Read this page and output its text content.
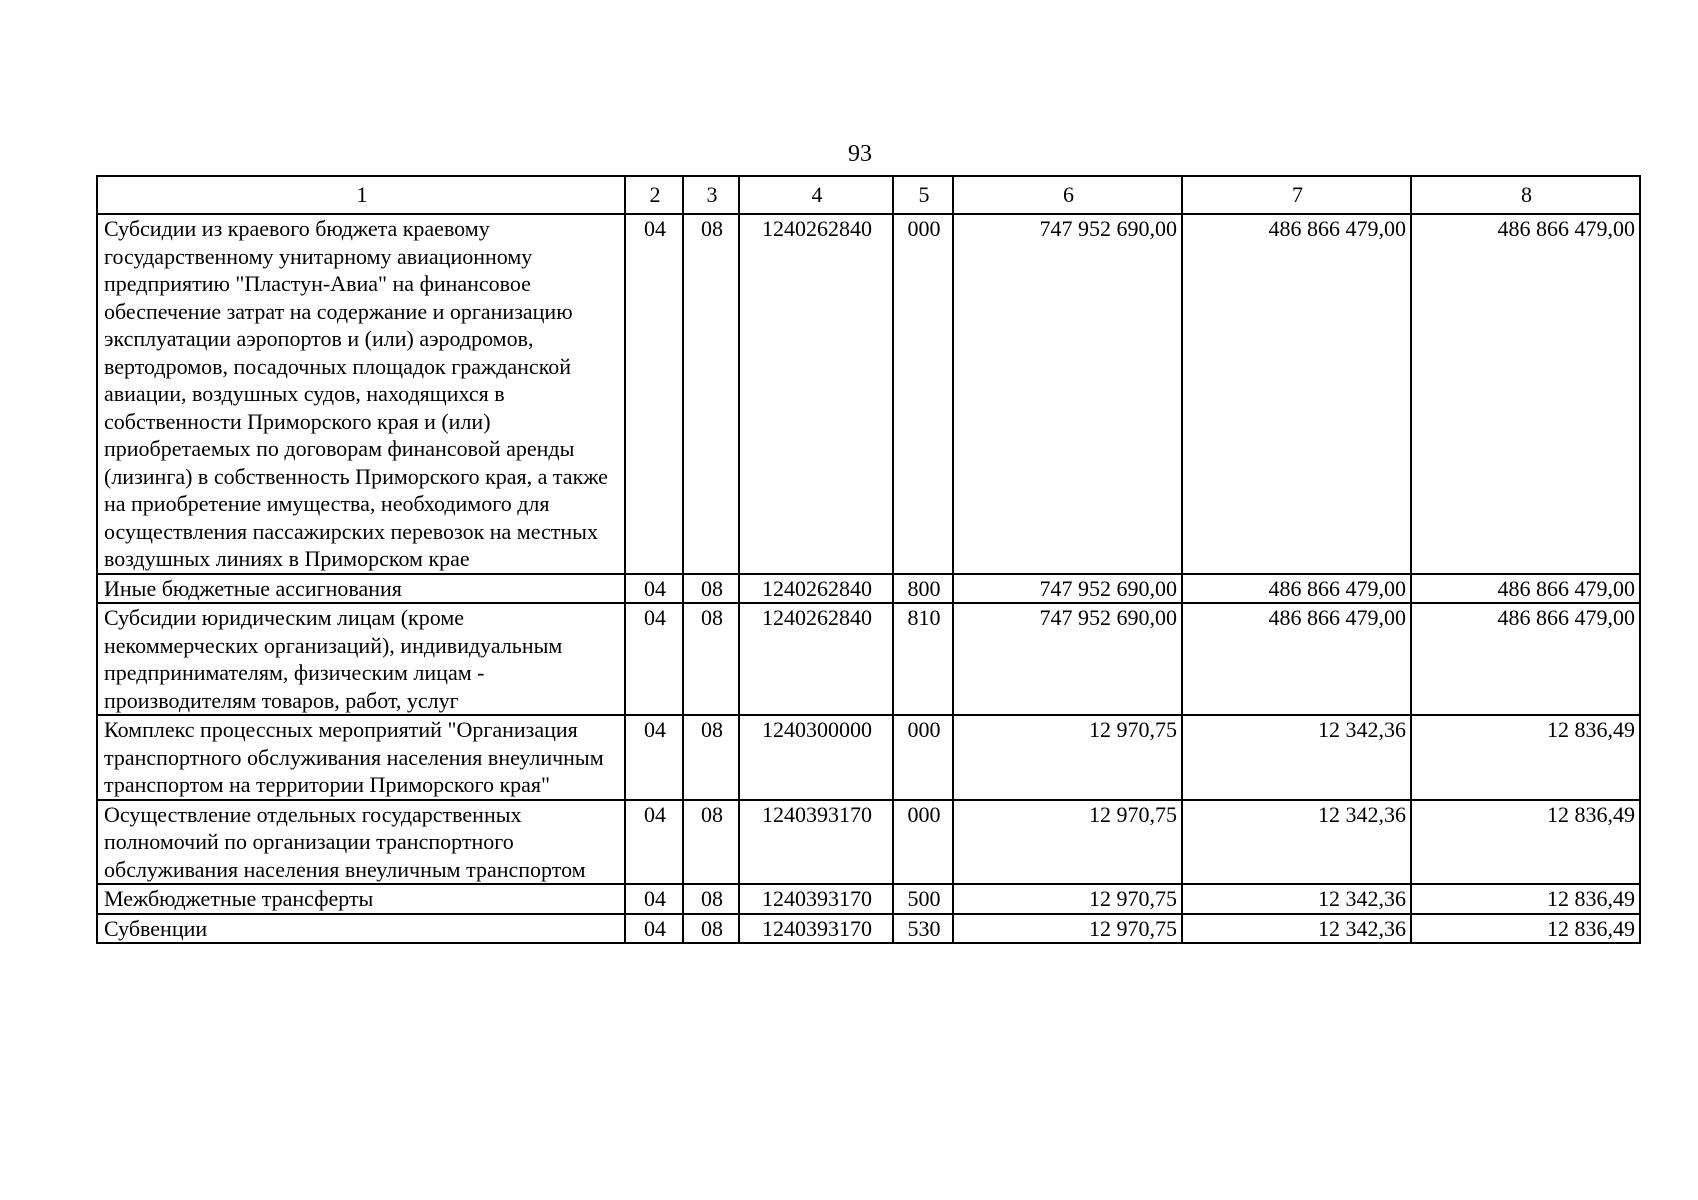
93
1	2	3	4	5	6	7	8
Субсидии из краевого бюджета краевому государственному унитарному авиационному предприятию "Пластун-Авиа" на финансовое обеспечение затрат на содержание и организацию эксплуатации аэропортов и (или) аэродромов, вертодромов, посадочных площадок гражданской авиации, воздушных судов, находящихся в собственности Приморского края и (или) приобретаемых по договорам финансовой аренды (лизинга) в собственность Приморского края, а также на приобретение имущества, необходимого для осуществления пассажирских перевозок на местных воздушных линиях в Приморском крае	04	08	1240262840	000	747 952 690,00	486 866 479,00	486 866 479,00
Иные бюджетные ассигнования	04	08	1240262840	800	747 952 690,00	486 866 479,00	486 866 479,00
Субсидии юридическим лицам (кроме некоммерческих организаций), индивидуальным предпринимателям, физическим лицам - производителям товаров, работ, услуг	04	08	1240262840	810	747 952 690,00	486 866 479,00	486 866 479,00
Комплекс процессных мероприятий "Организация транспортного обслуживания населения внеуличным транспортом на территории Приморского края"	04	08	1240300000	000	12 970,75	12 342,36	12 836,49
Осуществление отдельных государственных полномочий по организации транспортного обслуживания населения внеуличным транспортом	04	08	1240393170	000	12 970,75	12 342,36	12 836,49
Межбюджетные трансферты	04	08	1240393170	500	12 970,75	12 342,36	12 836,49
Субвенции	04	08	1240393170	530	12 970,75	12 342,36	12 836,49
